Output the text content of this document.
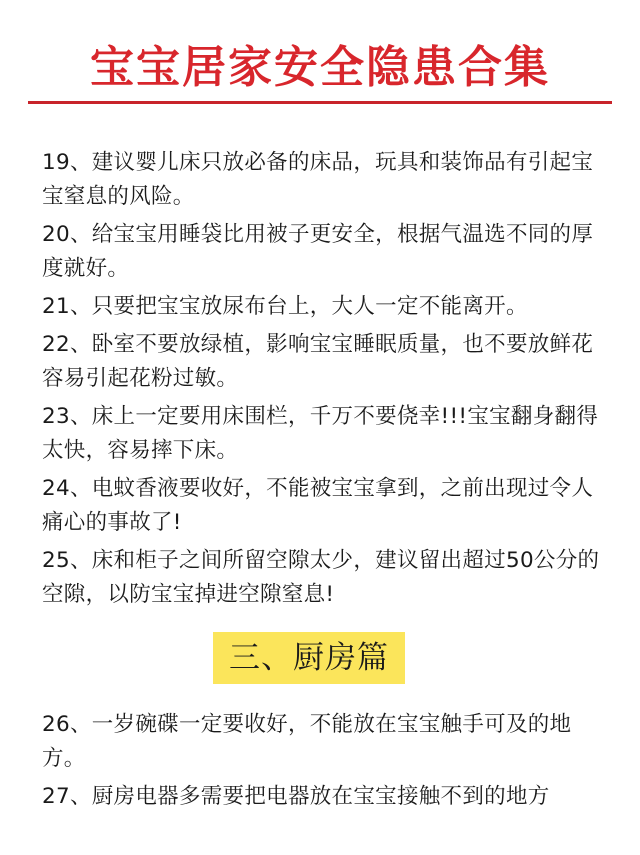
宝宝居家安全隐患合集
19、建议婴儿床只放必备的床品，玩具和装饰品有引起宝宝窒息的风险。
20、给宝宝用睡袋比用被子更安全，根据气温选不同的厚度就好。
21、只要把宝宝放尿布台上，大人一定不能离开。
22、卧室不要放绿植，影响宝宝睡眠质量，也不要放鲜花容易引起花粉过敏。
23、床上一定要用床围栏，千万不要侥幸!!!宝宝翻身翻得太快，容易摔下床。
24、电蚊香液要收好，不能被宝宝拿到，之前出现过令人痛心的事故了!
25、床和柜子之间所留空隙太少，建议留出超过50公分的空隙，以防宝宝掉进空隙窒息!
三、厨房篇
26、一岁碗碟一定要收好，不能放在宝宝触手可及的地方。
27、厨房电器多需要把电器放在宝宝接触不到的地方
